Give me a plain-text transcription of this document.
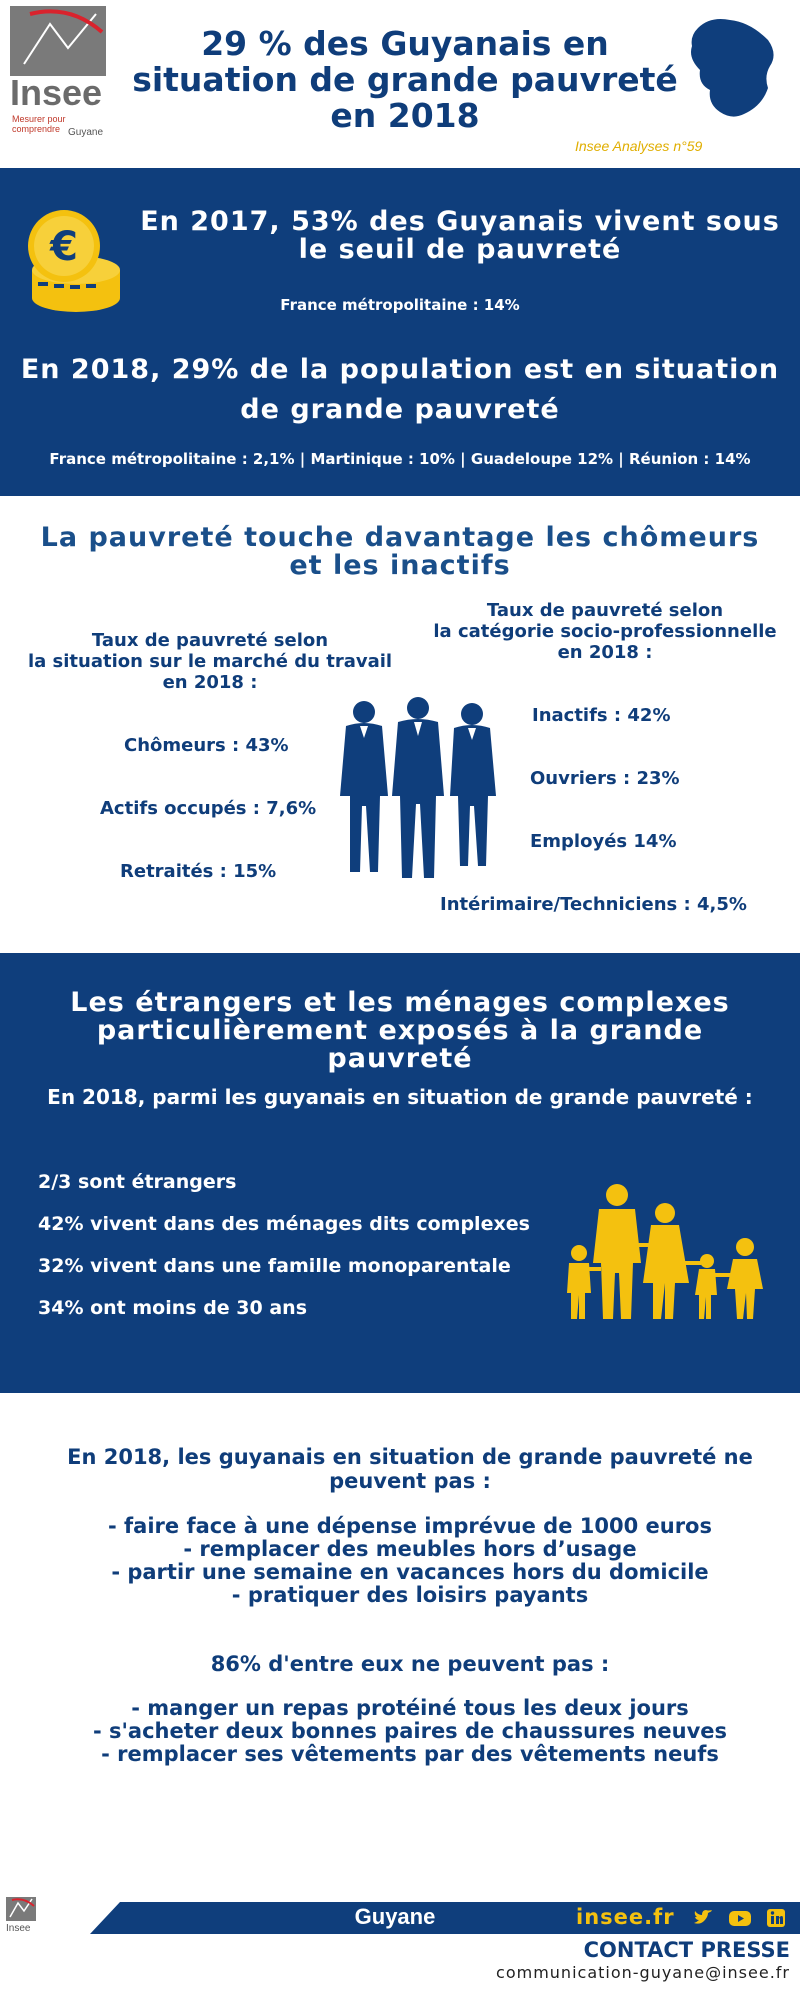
Insee
Mesurer pour comprendre Guyane
29 % des Guyanais en situation de grande pauvreté en 2018
Insee Analyses n°59
€
En 2017, 53% des Guyanais vivent sous le seuil de pauvreté
France métropolitaine : 14%
En 2018, 29% de la population est en situation de grande pauvreté
France métropolitaine : 2,1% | Martinique : 10% | Guadeloupe 12% | Réunion : 14%
La pauvreté touche davantage les chômeurs et les inactifs
Taux de pauvreté selon
la situation sur le marché du travail
en 2018 :
Taux de pauvreté selon
la catégorie socio-professionnelle
en 2018 :
Chômeurs : 43%
Actifs occupés : 7,6%
Retraités : 15%
Inactifs : 42%
Ouvriers : 23%
Employés 14%
Intérimaire/Techniciens : 4,5%
Les étrangers et les ménages complexes particulièrement exposés à la grande pauvreté
En 2018, parmi les guyanais en situation de grande pauvreté :
2/3 sont étrangers
42% vivent dans des ménages dits complexes
32% vivent dans une famille monoparentale
34% ont moins de 30 ans
En 2018, les guyanais en situation de grande pauvreté ne peuvent pas :
- faire face à une dépense imprévue de 1000 euros
- remplacer des meubles hors d’usage
- partir une semaine en vacances hors du domicile
- pratiquer des loisirs payants
86% d'entre eux ne peuvent pas :
- manger un repas protéiné tous les deux jours
- s'acheter deux bonnes paires de chaussures neuves
- remplacer ses vêtements par des vêtements neufs
Insee	Guyane	insee.fr
CONTACT PRESSE
communication-guyane@insee.fr
